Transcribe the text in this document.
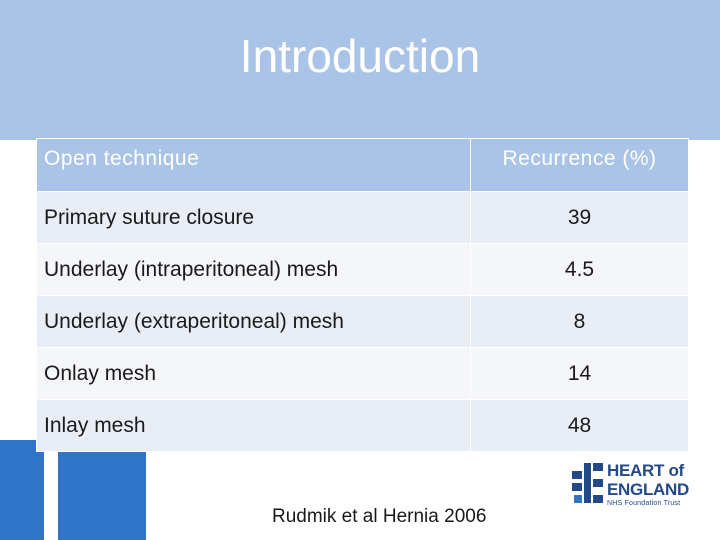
Introduction
Open technique	Recurrence (%)
Primary suture closure	39
Underlay (intraperitoneal) mesh	4.5
Underlay (extraperitoneal) mesh	8
Onlay mesh	14
Inlay mesh	48
Rudmik et al Hernia 2006
HEART of
ENGLAND
NHS Foundation Trust
